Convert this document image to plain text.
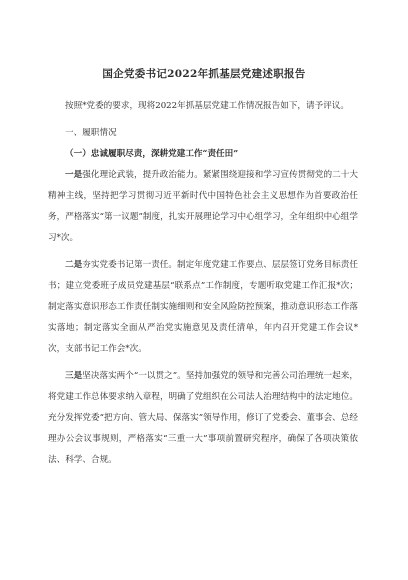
国企党委书记2022年抓基层党建述职报告

按照*党委的要求，现将2022年抓基层党建工作情况报告如下，请予评议。

一、履职情况

（一）忠诚履职尽责，深耕党建工作“责任田”

一是强化理论武装，提升政治能力。紧紧围绕迎接和学习宣传贯彻党的二十大精神主线，坚持把学习贯彻习近平新时代中国特色社会主义思想作为首要政治任务，严格落实“第一议题”制度，扎实开展理论学习中心组学习，全年组织中心组学习*次。

二是夯实党委书记第一责任。制定年度党建工作要点、层层签订党务目标责任书；建立党委班子成员党建基层“联系点”工作制度，专题听取党建工作汇报*次；制定落实意识形态工作责任制实施细则和安全风险防控预案，推动意识形态工作落实落地；制定落实全面从严治党实施意见及责任清单，年内召开党建工作会议*次，支部书记工作会*次。

三是坚决落实两个“一以贯之”。坚持加强党的领导和完善公司治理统一起来，将党建工作总体要求纳入章程，明确了党组织在公司法人治理结构中的法定地位。充分发挥党委“把方向、管大局、保落实”领导作用，修订了党委会、董事会、总经理办公会议事规则，严格落实“三重一大”事项前置研究程序，确保了各项决策依法、科学、合规。
